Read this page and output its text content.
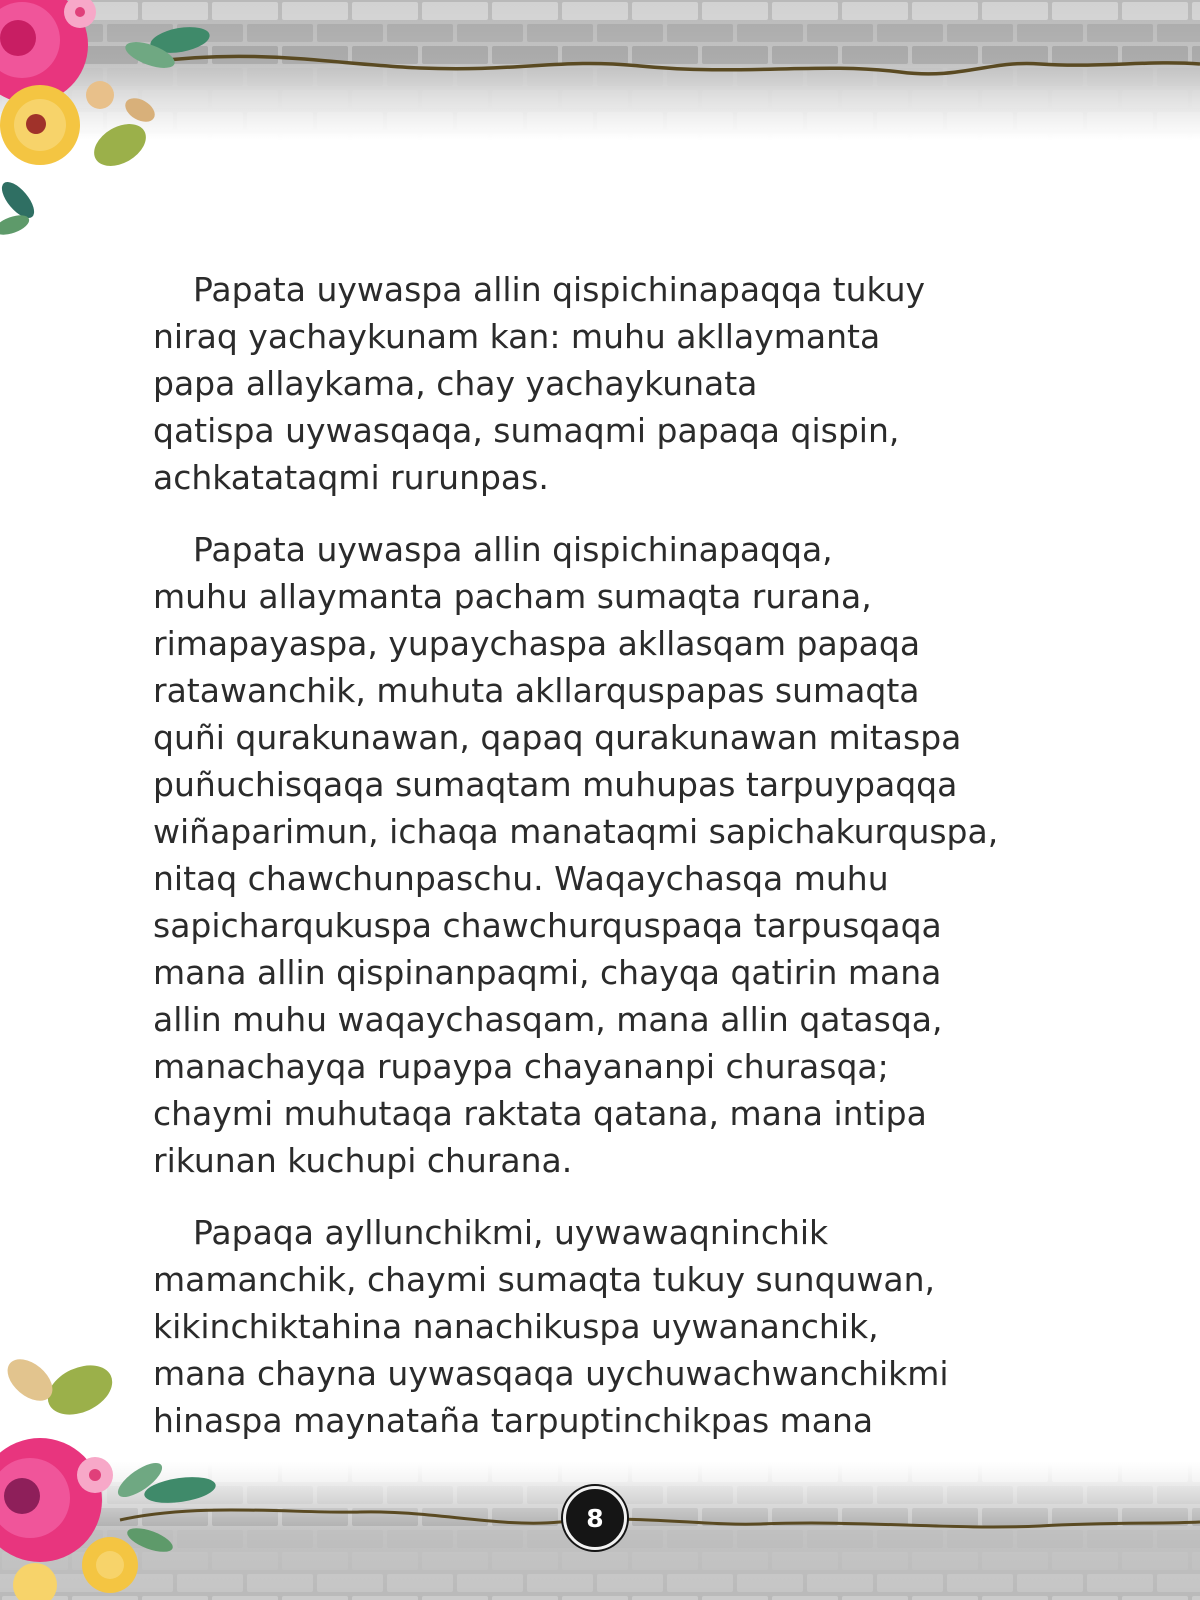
Papata uywaspa allin qispichinapaqqa tukuy
niraq yachaykunam kan: muhu akllaymanta
papa allaykama, chay yachaykunata
qatispa uywasqaqa, sumaqmi papaqa qispin,
achkatataqmi rurunpas.

Papata uywaspa allin qispichinapaqqa,
muhu allaymanta pacham sumaqta rurana,
rimapayaspa, yupaychaspa akllasqam papaqa
ratawanchik, muhuta akllarquspapas sumaqta
quñi qurakunawan, qapaq qurakunawan mitaspa
puñuchisqaqa sumaqtam muhupas tarpuypaqqa
wiñaparimun, ichaqa manataqmi sapichakurquspa,
nitaq chawchunpaschu. Waqaychasqa muhu
sapicharqukuspa chawchurquspaqa tarpusqaqa
mana allin qispinanpaqmi, chayqa qatirin mana
allin muhu waqaychasqam, mana allin qatasqa,
manachayqa rupaypa chayananpi churasqa;
chaymi muhutaqa raktata qatana, mana intipa
rikunan kuchupi churana.

Papaqa ayllunchikmi, uywawaqninchik
mamanchik, chaymi sumaqta tukuy sunquwan,
kikinchiktahina nanachikuspa uywananchik,
mana chayna uywasqaqa uychuwachwanchikmi
hinaspa maynataña tarpuptinchikpas mana

8
